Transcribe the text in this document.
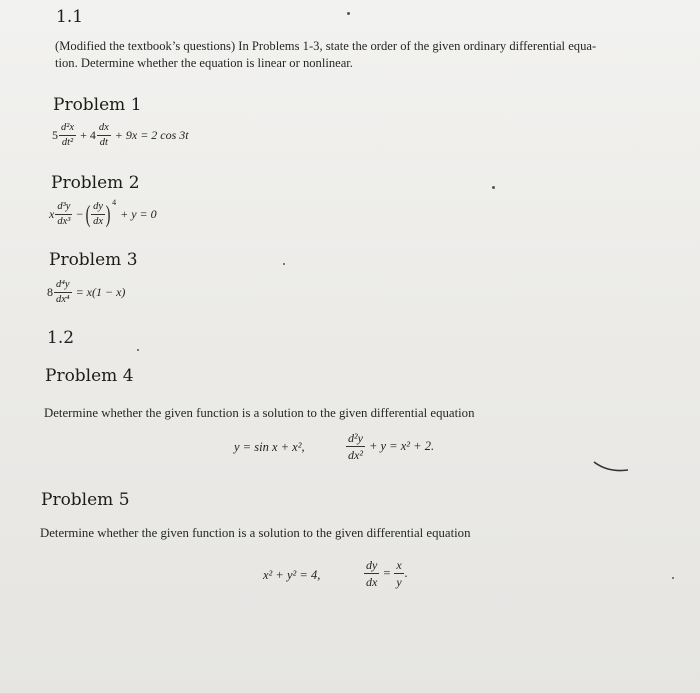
1.1
(Modified the textbook’s questions) In Problems 1-3, state the order of the given ordinary differential equa-
tion. Determine whether the equation is linear or nonlinear.
Problem 1
$5 \frac{\text{d²x}}{\text{dt²}} + 4 \frac{dx}{dt} + 9x = 2$ cos 3t
Problem 2
x $\frac{\text{d³y}}{\text{dx³}}$ − ( $\frac{dy}{dx}$ ) 4
+ y = 0
Problem 3
$8 \frac{\text{d⁴y}}{\text{dx⁴}} = x(1 - x)$
1.2
Problem 4
Determine whether the given function is a solution to the given differential equation
y = sin x + x²,	$\frac{\text{d²y}}{\text{dx²}} + y = x^2 + 2$.
Problem 5
Determine whether the given function is a solution to the given differential equation
x² + y² = 4,	$\frac{dy}{dx} = \frac{x}{y}$ .
